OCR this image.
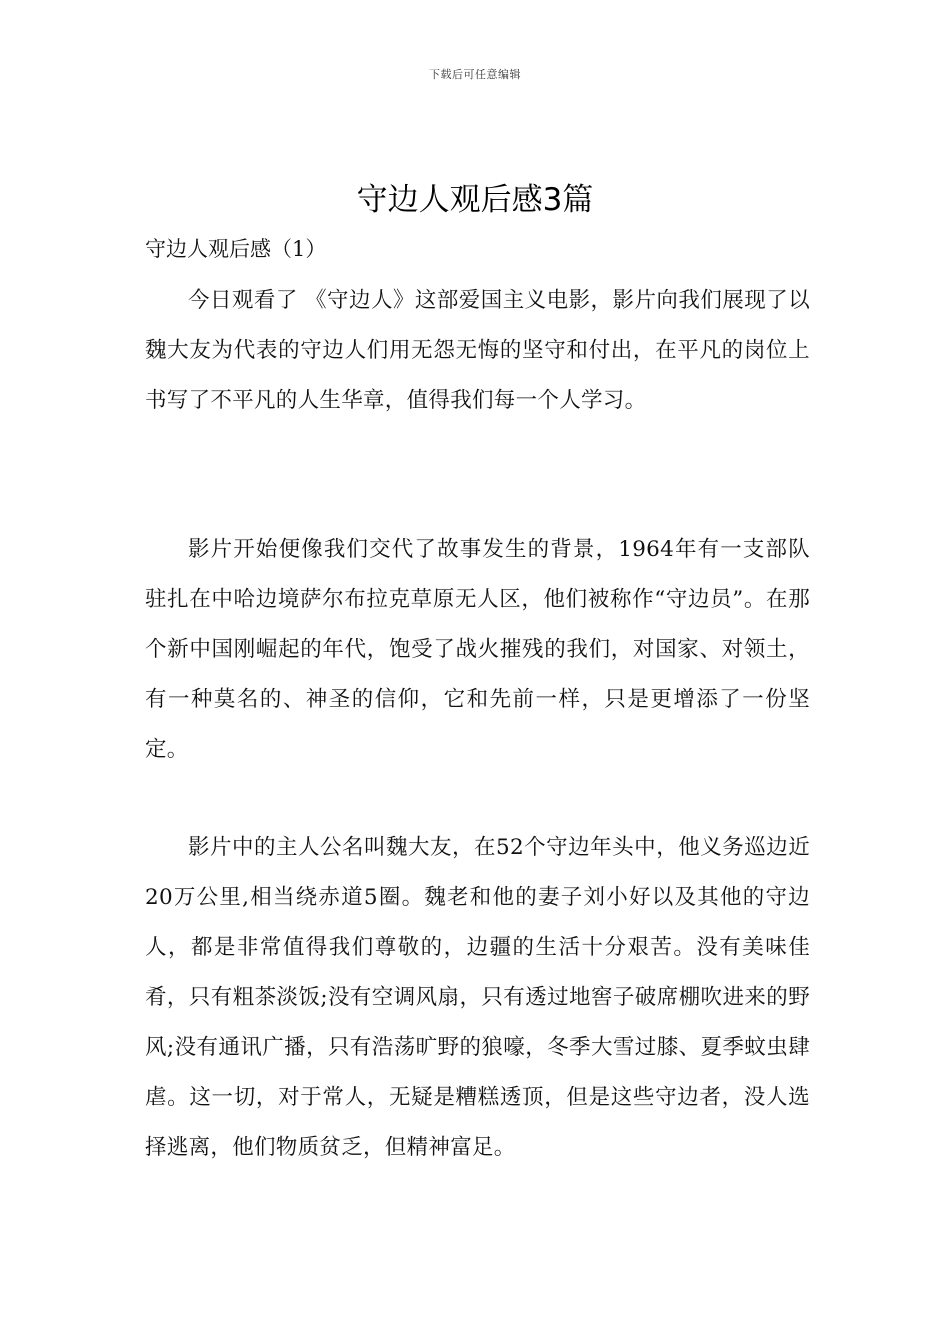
下载后可任意编辑
守边人观后感3篇
守边人观后感（1）

今日观看了 《守边人》这部爱国主义电影，影片向我们展现了以魏大友为代表的守边人们用无怨无悔的坚守和付出，在平凡的岗位上书写了不平凡的人生华章，值得我们每一个人学习。

影片开始便像我们交代了故事发生的背景，1964年有一支部队驻扎在中哈边境萨尔布拉克草原无人区，他们被称作“守边员”。在那个新中国刚崛起的年代，饱受了战火摧残的我们，对国家、对领土，有一种莫名的、神圣的信仰，它和先前一样，只是更增添了一份坚定。

影片中的主人公名叫魏大友，在52个守边年头中，他义务巡边近20万公里,相当绕赤道5圈。魏老和他的妻子刘小好以及其他的守边人，都是非常值得我们尊敬的，边疆的生活十分艰苦。没有美味佳肴，只有粗茶淡饭;没有空调风扇，只有透过地窖子破席棚吹进来的野风;没有通讯广播，只有浩荡旷野的狼嚎，冬季大雪过膝、夏季蚊虫肆虐。这一切，对于常人，无疑是糟糕透顶，但是这些守边者，没人选择逃离，他们物质贫乏，但精神富足。
